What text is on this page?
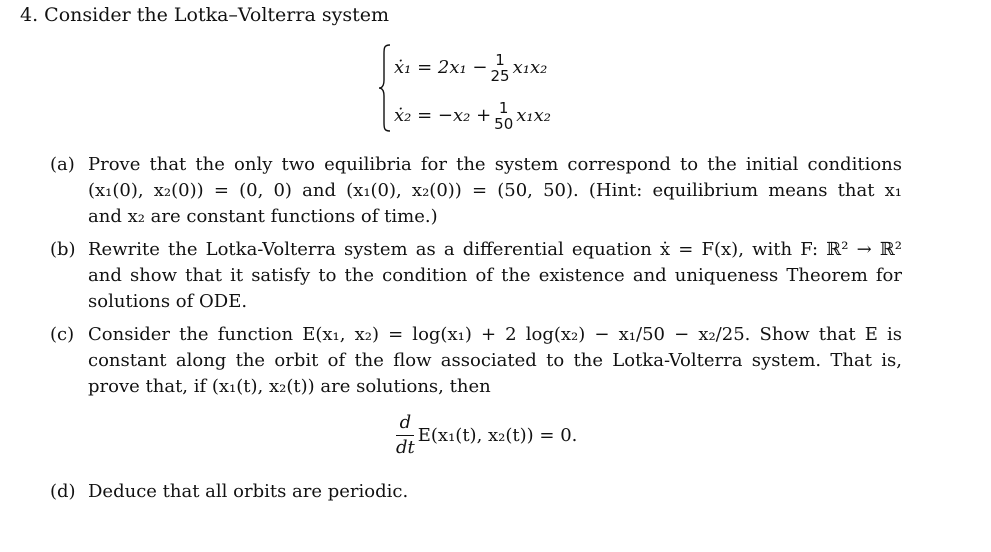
4. Consider the Lotka–Volterra system
ẋ₁ = 2x₁ − 1
25 x₁x₂
ẋ₂ = −x₂ + 1
50 x₁x₂
(a) Prove that the only two equilibria for the system correspond to the initial conditions
(x₁(0), x₂(0)) = (0, 0) and (x₁(0), x₂(0)) = (50, 50). (Hint: equilibrium means that x₁
and x₂ are constant functions of time.)
(b) Rewrite the Lotka-Volterra system as a differential equation ẋ = F(x), with F: ℝ² → ℝ²
and show that it satisfy to the condition of the existence and uniqueness Theorem for
solutions of ODE.
(c) Consider the function E(x₁, x₂) = log(x₁) + 2 log(x₂) − x₁/50 − x₂/25. Show that E is
constant along the orbit of the flow associated to the Lotka-Volterra system. That is,
prove that, if (x₁(t), x₂(t)) are solutions, then
d
dt
E(x₁(t), x₂(t)) = 0.
(d) Deduce that all orbits are periodic.
